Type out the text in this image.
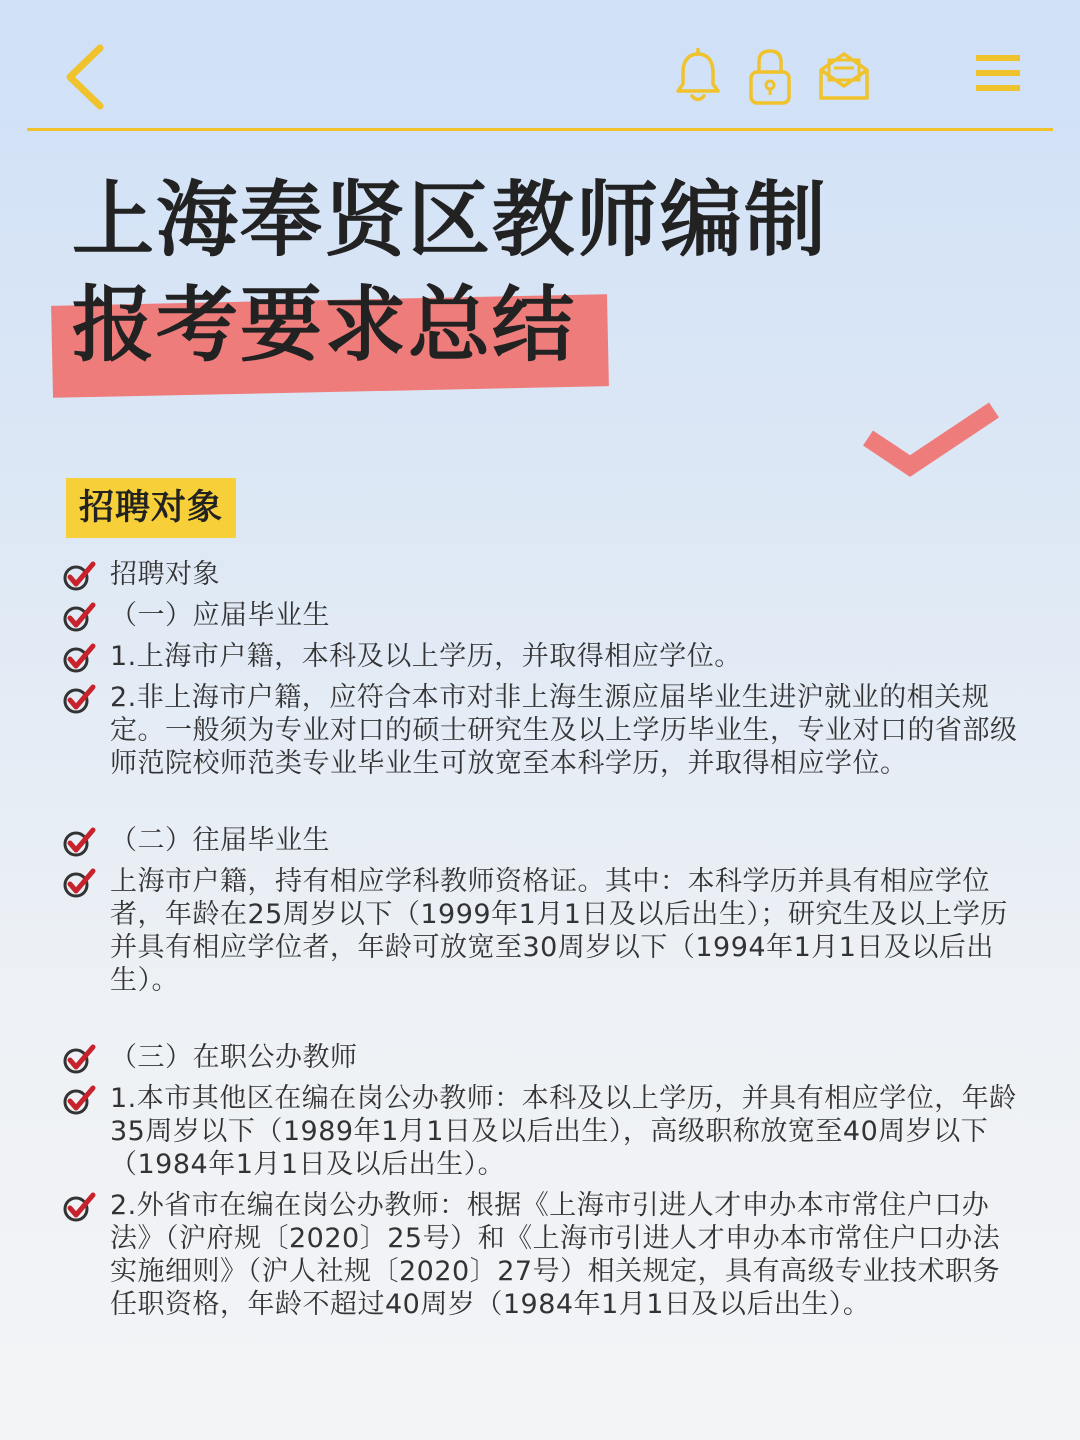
上海奉贤区教师编制
报考要求总结
招聘对象
招聘对象
（一）应届毕业生
1.上海市户籍，本科及以上学历，并取得相应学位。
2.非上海市户籍，应符合本市对非上海生源应届毕业生进沪就业的相关规定。一般须为专业对口的硕士研究生及以上学历毕业生，专业对口的省部级师范院校师范类专业毕业生可放宽至本科学历，并取得相应学位。
（二）往届毕业生
上海市户籍，持有相应学科教师资格证。其中：本科学历并具有相应学位者，年龄在25周岁以下（1999年1月1日及以后出生）；研究生及以上学历并具有相应学位者，年龄可放宽至30周岁以下（1994年1月1日及以后出生）。
（三）在职公办教师
1.本市其他区在编在岗公办教师：本科及以上学历，并具有相应学位，年龄35周岁以下（1989年1月1日及以后出生），高级职称放宽至40周岁以下（1984年1月1日及以后出生）。
2.外省市在编在岗公办教师：根据《上海市引进人才申办本市常住户口办法》（沪府规〔2020〕25号）和《上海市引进人才申办本市常住户口办法实施细则》（沪人社规〔2020〕27号）相关规定，具有高级专业技术职务任职资格，年龄不超过40周岁（1984年1月1日及以后出生）。
